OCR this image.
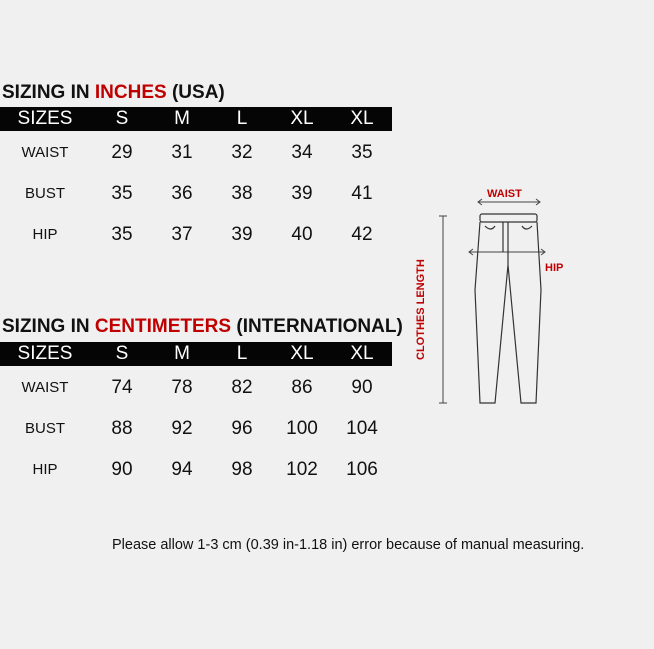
SIZING IN INCHES (USA)
SIZES	S	M	L	XL	XL
WAIST	29	31	32	34	35
BUST	35	36	38	39	41
HIP	35	37	39	40	42
SIZING IN CENTIMETERS (INTERNATIONAL)
SIZES	S	M	L	XL	XL
WAIST	74	78	82	86	90
BUST	88	92	96	100	104
HIP	90	94	98	102	106
WAIST
CLOTHES LENGTH	HIP
Please allow 1-3 cm (0.39 in-1.18 in) error because of manual measuring.
